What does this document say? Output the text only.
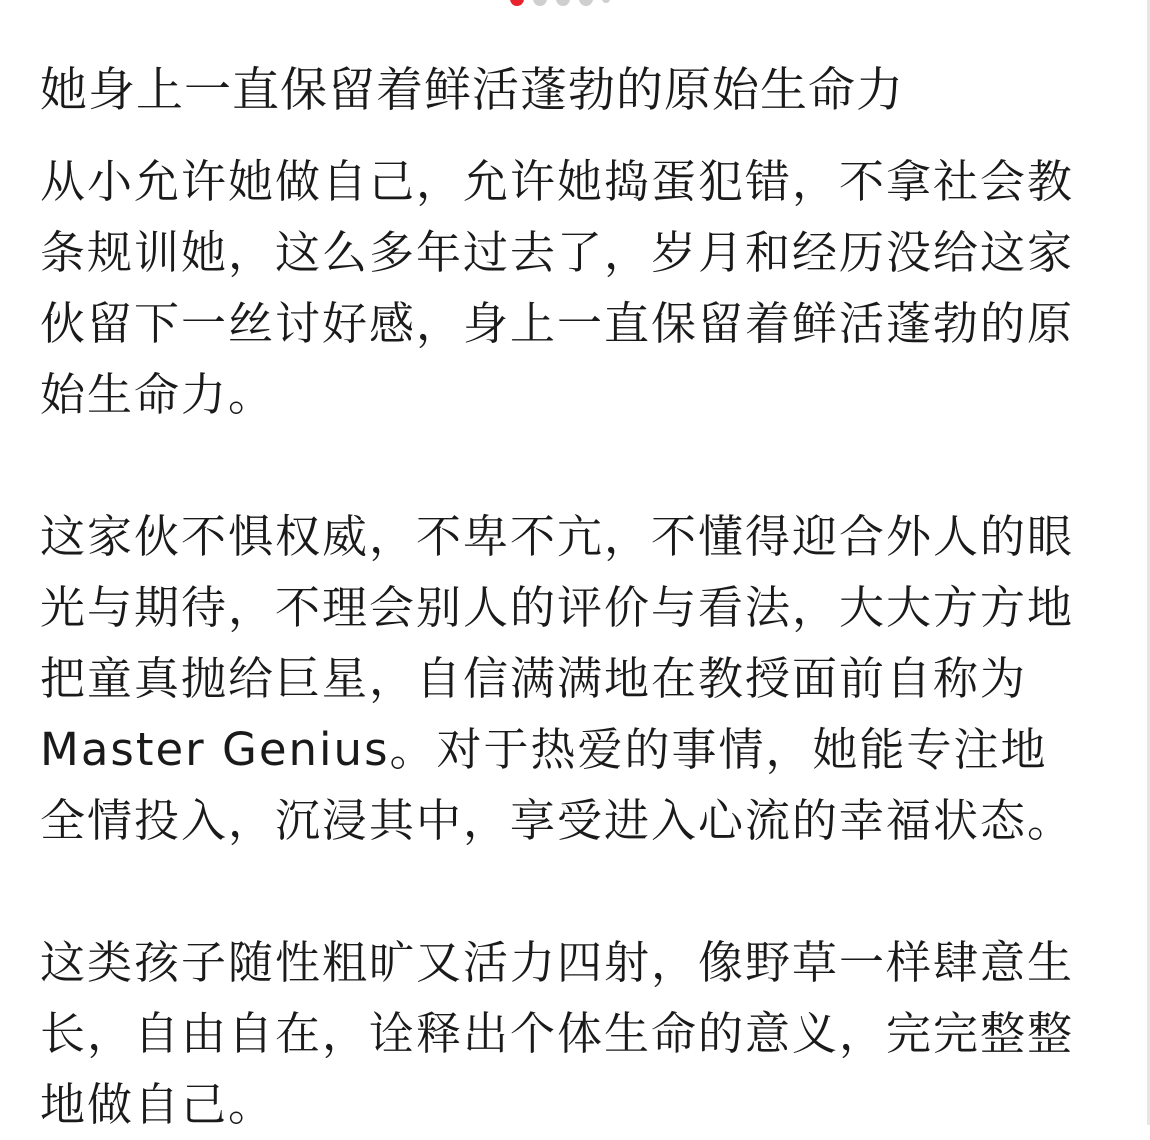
她身上一直保留着鲜活蓬勃的原始生命力

从小允许她做自己，允许她捣蛋犯错，不拿社会教条规训她，这么多年过去了，岁月和经历没给这家伙留下一丝讨好感，身上一直保留着鲜活蓬勃的原始生命力。

这家伙不惧权威，不卑不亢，不懂得迎合外人的眼光与期待，不理会别人的评价与看法，大大方方地把童真抛给巨星，自信满满地在教授面前自称为Master Genius。对于热爱的事情，她能专注地全情投入，沉浸其中，享受进入心流的幸福状态。

这类孩子随性粗旷又活力四射，像野草一样肆意生长，自由自在，诠释出个体生命的意义，完完整整地做自己。
